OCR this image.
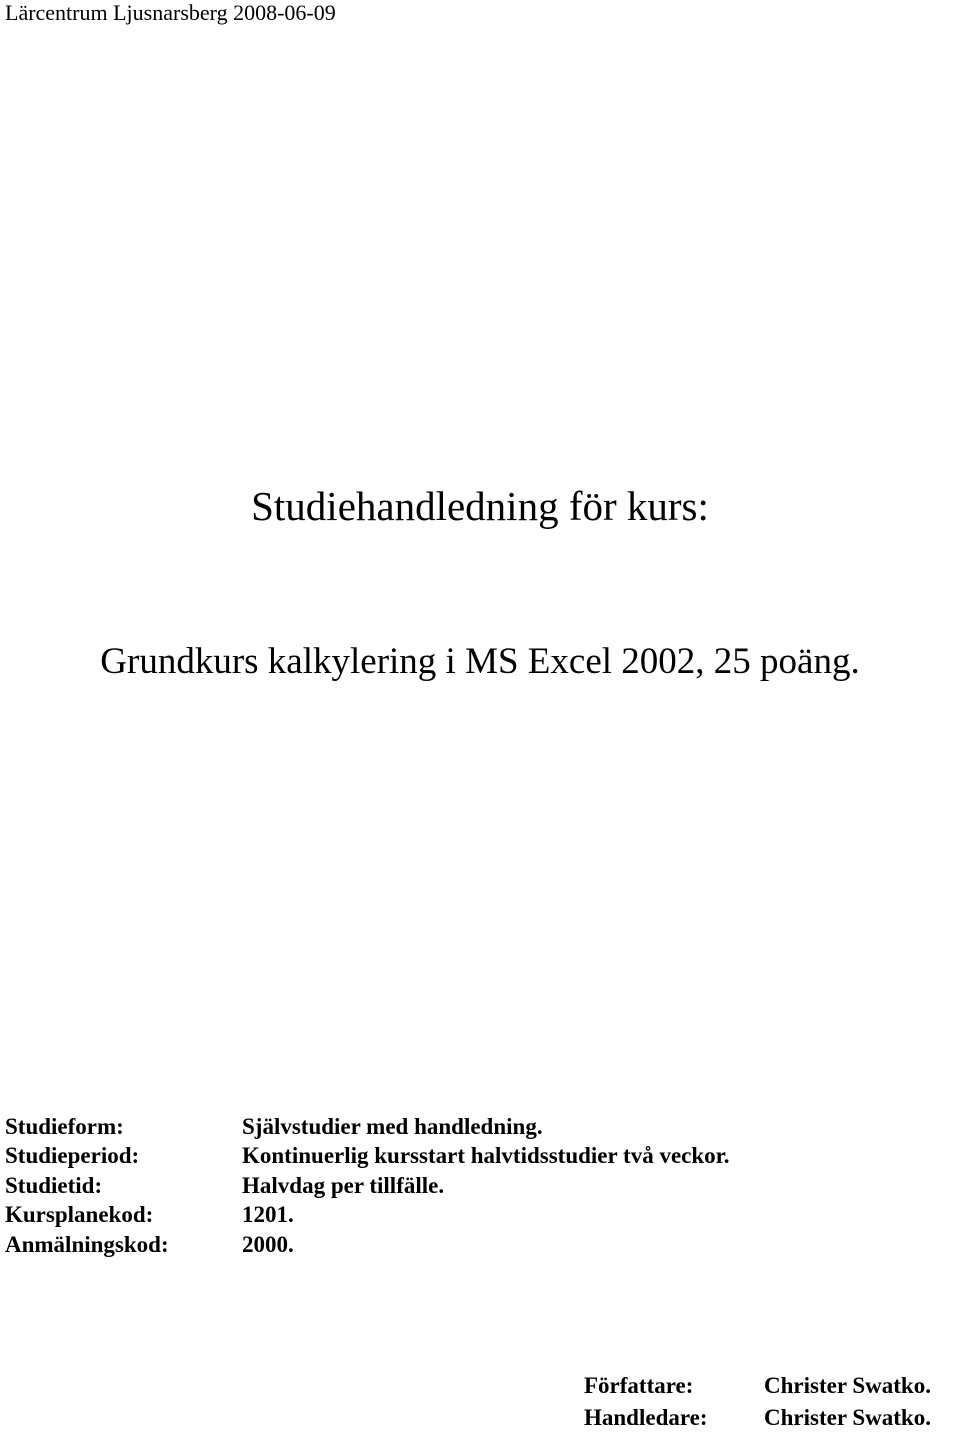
Lärcentrum Ljusnarsberg 2008-06-09
Studiehandledning för kurs:
Grundkurs kalkylering i MS Excel 2002, 25 poäng.
Studieform:	Självstudier med handledning.
Studieperiod:	Kontinuerlig kursstart halvtidsstudier två veckor.
Studietid:	Halvdag per tillfälle.
Kursplanekod:	1201.
Anmälningskod:	2000.
Författare:	Christer Swatko.
Handledare: Christer Swatko.
